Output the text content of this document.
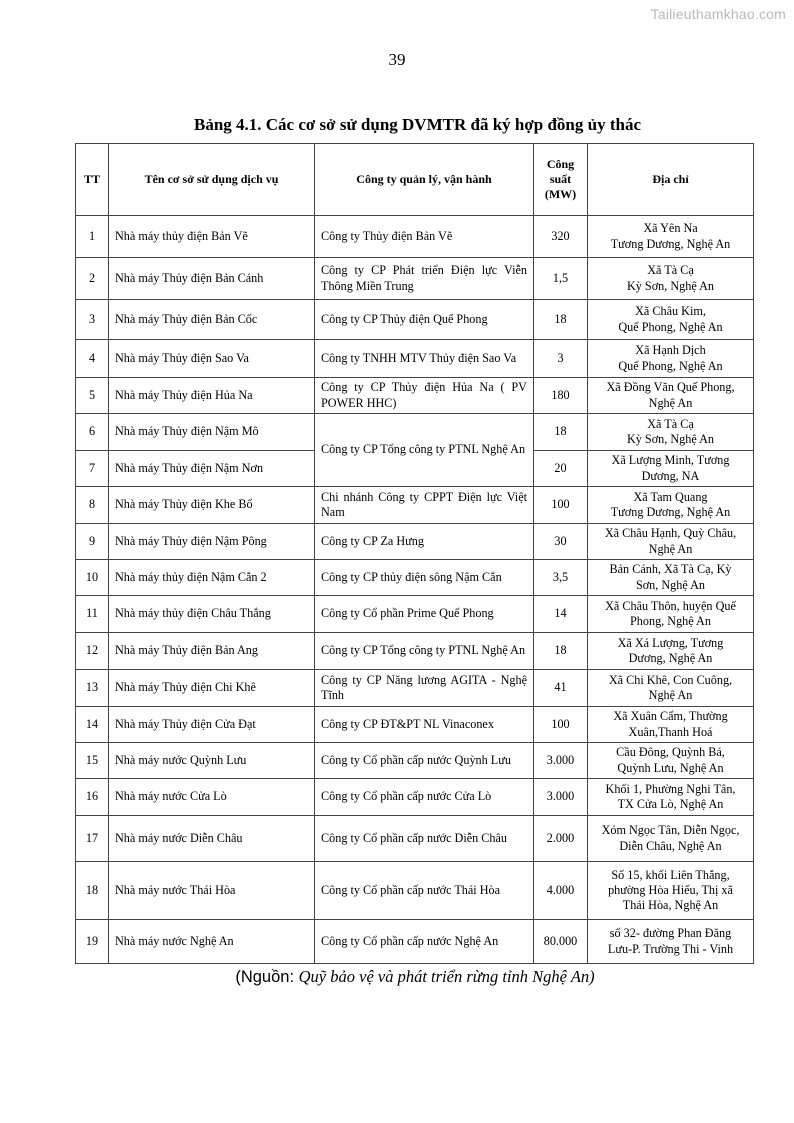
Tailieuthamkhao.com
39
Bảng 4.1. Các cơ sở sử dụng DVMTR đã ký hợp đồng ủy thác
TT	Tên cơ sở sử dụng dịch vụ	Công ty quản lý, vận hành	Công suất (MW)	Địa chỉ
1	Nhà máy thủy điện Bản Vẽ	Công ty Thủy điện Bản Vẽ	320	Xã Yên Na
Tương Dương, Nghệ An

2	Nhà máy Thủy điện Bản Cánh	Công ty CP Phát triển Điện lực Viễn Thông Miền Trung	1,5	Xã Tà Cạ
Kỳ Sơn, Nghệ An

3	Nhà máy Thủy điện Bản Cốc	Công ty CP Thủy điện Quế Phong	18	Xã Châu Kim,
Quế Phong, Nghệ An

4	Nhà máy Thủy điện Sao Va	Công ty TNHH MTV Thủy điện Sao Va	3	Xã Hạnh Dịch
Quế Phong, Nghệ An

5	Nhà máy Thủy điện Hủa Na	Công ty CP Thủy điện Hủa Na ( PV POWER HHC)	180	Xã Đồng Văn Quế Phong,
Nghệ An

6	Nhà máy Thủy điện Nậm Mô	Công ty CP Tổng công ty PTNL Nghệ An	18	Xã Tà Cạ
Kỳ Sơn, Nghệ An

7	Nhà máy Thủy điện Nậm Nơn		20	Xã Lượng Minh, Tương
Dương, NA

8	Nhà máy Thủy điện Khe Bố	Chi nhánh Công ty CPPT Điện lực Việt Nam	100	Xã Tam Quang
Tương Dương, Nghệ An

9	Nhà máy Thủy điện Nậm Pông	Công ty CP Za Hưng	30	Xã Châu Hạnh, Quỳ Châu,
Nghệ An

10	Nhà máy thủy điện Nậm Cắn 2	Công ty CP thủy điện sông Nậm Cắn	3,5	Bản Cánh, Xã Tà Cạ, Kỳ
Sơn, Nghệ An

11	Nhà máy thủy điện Châu Thắng	Công ty Cổ phần Prime Quế Phong	14	Xã Châu Thôn, huyện Quế
Phong, Nghệ An

12	Nhà máy Thủy điện Bản Ang	Công ty CP Tổng công ty PTNL Nghệ An	18	Xã Xá Lượng, Tương
Dương, Nghệ An

13	Nhà máy Thủy điện Chi Khê	Công ty CP Năng lương AGITA - Nghệ Tĩnh	41	Xã Chi Khê, Con Cuông,
Nghệ An

14	Nhà máy Thủy điện Cửa Đạt	Công ty CP ĐT&PT NL Vinaconex	100	Xã Xuân Cẩm, Thường
Xuân,Thanh Hoá

15	Nhà máy nước Quỳnh Lưu	Công ty Cổ phần cấp nước Quỳnh Lưu	3.000	Cầu Đông, Quỳnh Bá,
Quỳnh Lưu, Nghệ An

16	Nhà máy nước Cửa Lò	Công ty Cổ phần cấp nước Cửa Lò	3.000	Khối 1, Phường Nghi Tân,
TX Cửa Lò, Nghệ An

17	Nhà máy nước Diễn Châu	Công ty Cổ phần cấp nước Diễn Châu	2.000	Xóm Ngọc Tân, Diễn Ngọc,
Diễn Châu, Nghệ An

18	Nhà máy nước Thái Hòa	Công ty Cổ phần cấp nước Thái Hòa	4.000	Số 15, khối Liên Thắng, phường Hòa Hiếu, Thị xã
Thái Hòa, Nghệ An

19	Nhà máy nước Nghệ An	Công ty Cổ phần cấp nước Nghệ An	80.000	số 32- đường Phan Đăng
Lưu-P. Trường Thi - Vinh
(Nguồn: Quỹ bảo vệ và phát triển rừng tỉnh Nghệ An)
